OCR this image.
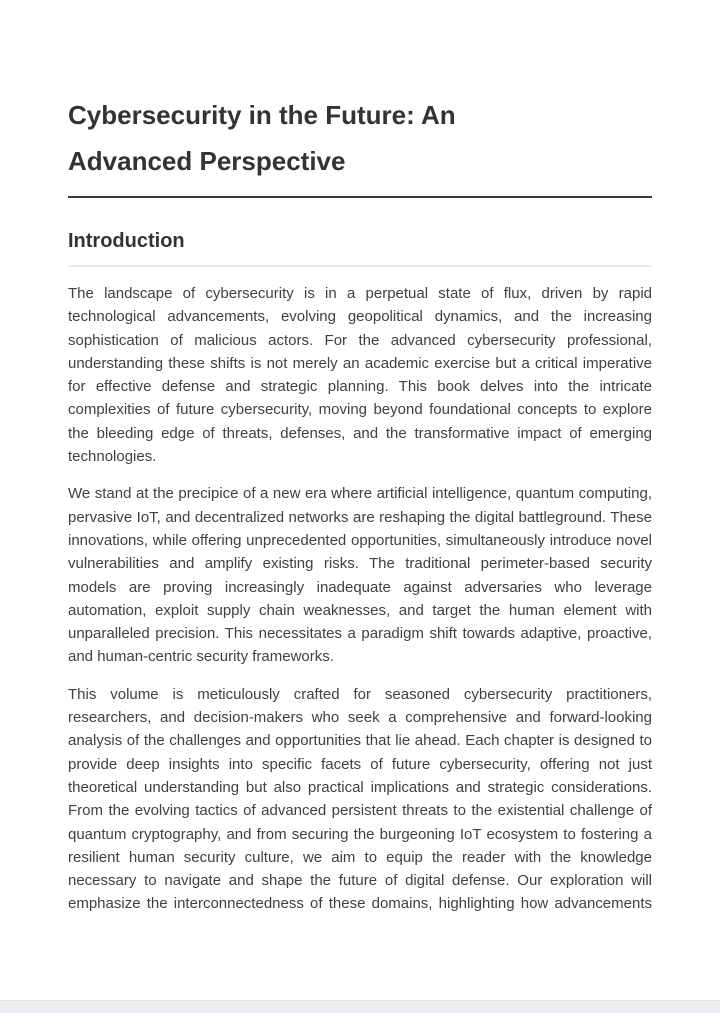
Cybersecurity in the Future: An Advanced Perspective
Introduction

The landscape of cybersecurity is in a perpetual state of flux, driven by rapid technological advancements, evolving geopolitical dynamics, and the increasing sophistication of malicious actors. For the advanced cybersecurity professional, understanding these shifts is not merely an academic exercise but a critical imperative for effective defense and strategic planning. This book delves into the intricate complexities of future cybersecurity, moving beyond foundational concepts to explore the bleeding edge of threats, defenses, and the transformative impact of emerging technologies.

We stand at the precipice of a new era where artificial intelligence, quantum computing, pervasive IoT, and decentralized networks are reshaping the digital battleground. These innovations, while offering unprecedented opportunities, simultaneously introduce novel vulnerabilities and amplify existing risks. The traditional perimeter-based security models are proving increasingly inadequate against adversaries who leverage automation, exploit supply chain weaknesses, and target the human element with unparalleled precision. This necessitates a paradigm shift towards adaptive, proactive, and human-centric security frameworks.

This volume is meticulously crafted for seasoned cybersecurity practitioners, researchers, and decision-makers who seek a comprehensive and forward-looking analysis of the challenges and opportunities that lie ahead. Each chapter is designed to provide deep insights into specific facets of future cybersecurity, offering not just theoretical understanding but also practical implications and strategic considerations. From the evolving tactics of advanced persistent threats to the existential challenge of quantum cryptography, and from securing the burgeoning IoT ecosystem to fostering a resilient human security culture, we aim to equip the reader with the knowledge necessary to navigate and shape the future of digital defense. Our exploration will emphasize the interconnectedness of these domains, highlighting how advancements
